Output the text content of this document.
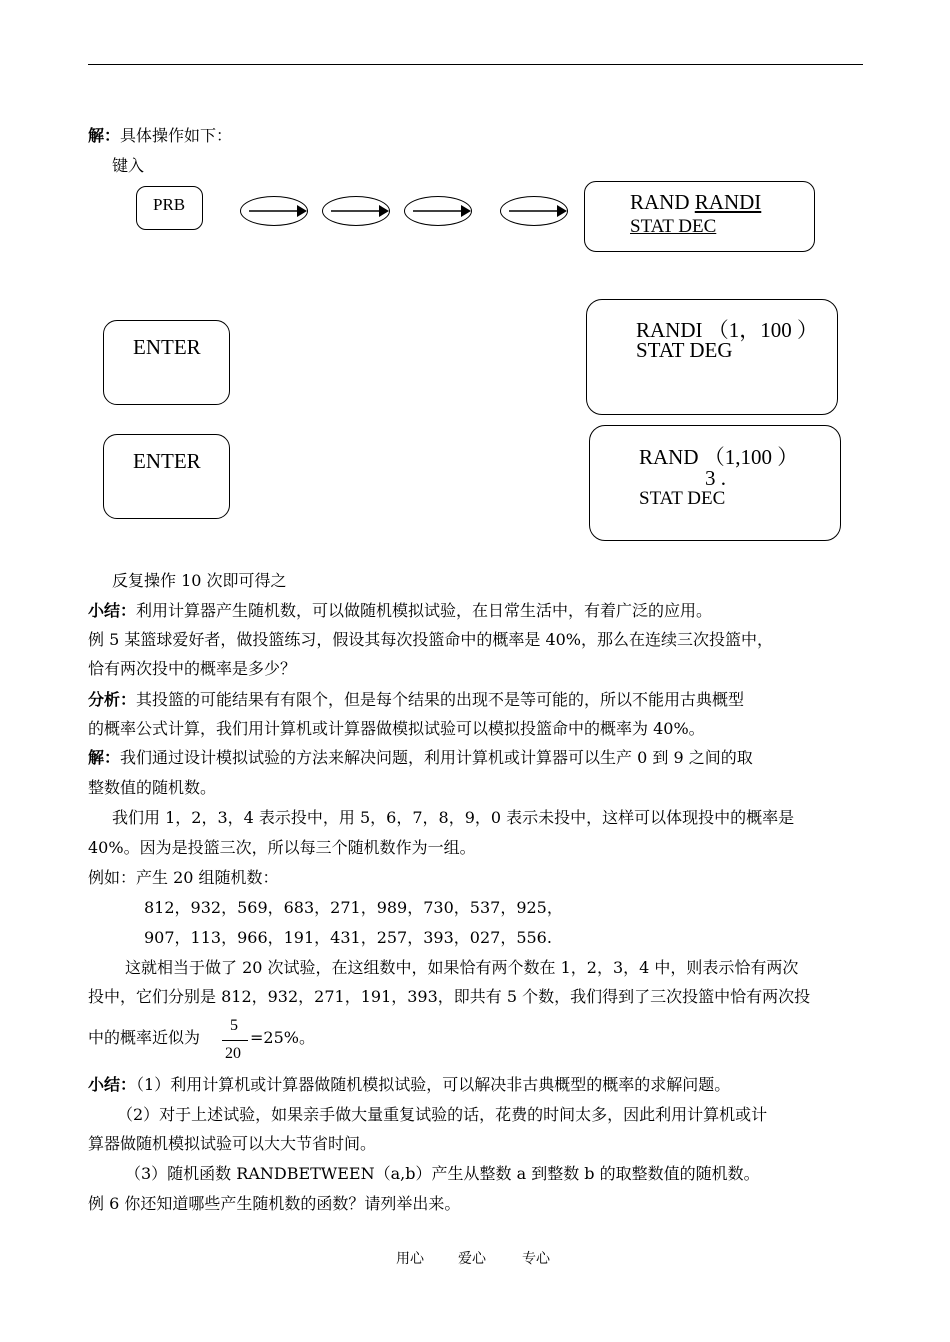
解：具体操作如下：
键入
PRB	RAND RANDI
STAT DEC
ENTER
RANDI （1，100 ）
STAT DEG
ENTER	RAND （1,100 ）
3 .
STAT DEC
反复操作 10 次即可得之
小结：利用计算器产生随机数，可以做随机模拟试验，在日常生活中，有着广泛的应用。
例 5 某篮球爱好者，做投篮练习，假设其每次投篮命中的概率是 40%，那么在连续三次投篮中，
恰有两次投中的概率是多少？
分析：其投篮的可能结果有有限个，但是每个结果的出现不是等可能的，所以不能用古典概型
的概率公式计算，我们用计算机或计算器做模拟试验可以模拟投篮命中的概率为 40%。
解：我们通过设计模拟试验的方法来解决问题，利用计算机或计算器可以生产 0 到 9 之间的取
整数值的随机数。
我们用 1，2，3，4 表示投中，用 5，6，7，8，9，0 表示未投中，这样可以体现投中的概率是
40%。因为是投篮三次，所以每三个随机数作为一组。
例如：产生 20 组随机数：
812，932，569，683，271，989，730，537，925，
907，113，966，191，431，257，393，027，556.
这就相当于做了 20 次试验，在这组数中，如果恰有两个数在 1，2，3，4 中，则表示恰有两次
投中，它们分别是 812，932，271，191，393，即共有 5 个数，我们得到了三次投篮中恰有两次投
中的概率近似为
5
20
=25%。
小结：（1）利用计算机或计算器做随机模拟试验，可以解决非古典概型的概率的求解问题。
（2）对于上述试验，如果亲手做大量重复试验的话，花费的时间太多，因此利用计算机或计
算器做随机模拟试验可以大大节省时间。
（3）随机函数 RANDBETWEEN（a,b）产生从整数 a 到整数 b 的取整数值的随机数。
例 6 你还知道哪些产生随机数的函数？请列举出来。
用心 爱心	专心
